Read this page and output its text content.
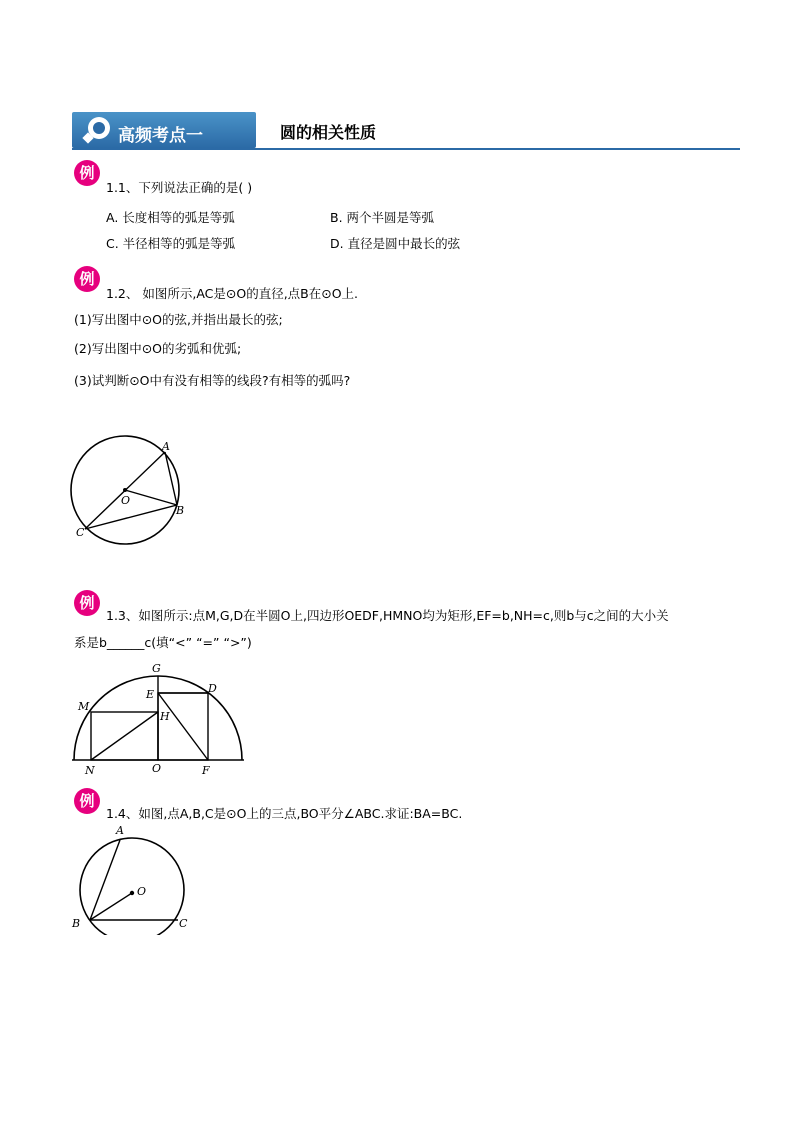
高频考点一	圆的相关性质
例
1.1、下列说法正确的是( )
A. 长度相等的弧是等弧	B. 两个半圆是等弧
C. 半径相等的弧是等弧	D. 直径是圆中最长的弦
例
1.2、 如图所示,AC是⊙O的直径,点B在⊙O上.
(1)写出图中⊙O的弦,并指出最长的弦;
(2)写出图中⊙O的劣弧和优弧;
(3)试判断⊙O中有没有相等的线段?有相等的弧吗?
A
O
B
C
例
1.3、如图所示:点M,G,D在半圆O上,四边形OEDF,HMNO均为矩形,EF=b,NH=c,则b与c之间的大小关
系是b______c(填“<” “=” “>”)
G
D
E
M
H
N	O	F
例
1.4、如图,点A,B,C是⊙O上的三点,BO平分∠ABC.求证:BA=BC.
A
O
B	C
